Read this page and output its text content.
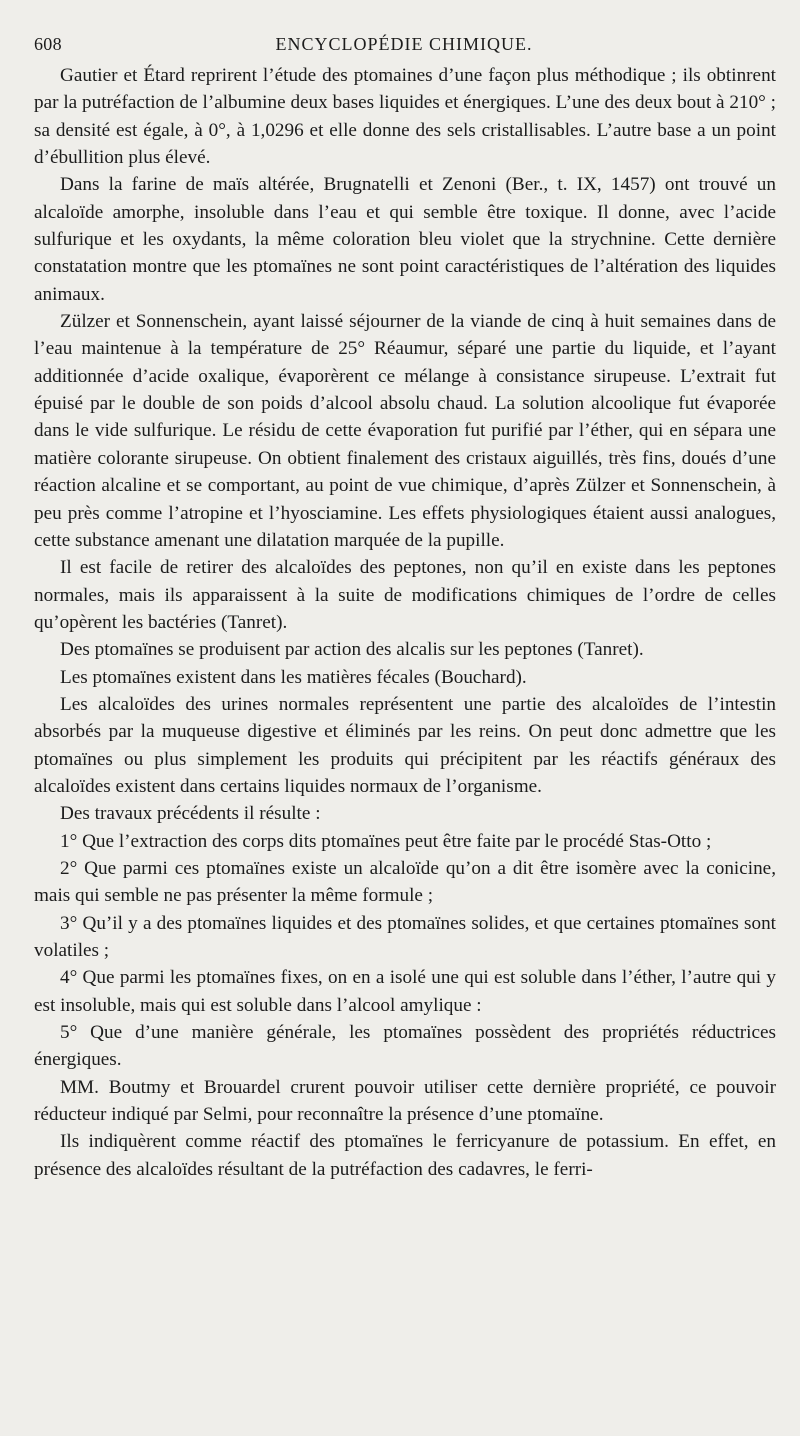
608	ENCYCLOPÉDIE CHIMIQUE.

Gautier et Étard reprirent l’étude des ptomaines d’une façon plus méthodique ; ils obtinrent par la putréfaction de l’albumine deux bases liquides et énergiques. L’une des deux bout à 210° ; sa densité est égale, à 0°, à 1,0296 et elle donne des sels cristallisables. L’autre base a un point d’ébullition plus élevé.

Dans la farine de maïs altérée, Brugnatelli et Zenoni (Ber., t. IX, 1457) ont trouvé un alcaloïde amorphe, insoluble dans l’eau et qui semble être toxique. Il donne, avec l’acide sulfurique et les oxydants, la même coloration bleu violet que la strychnine. Cette dernière constatation montre que les ptomaïnes ne sont point caractéristiques de l’altération des liquides animaux.

Zülzer et Sonnenschein, ayant laissé séjourner de la viande de cinq à huit semaines dans de l’eau maintenue à la température de 25° Réaumur, séparé une partie du liquide, et l’ayant additionnée d’acide oxalique, évaporèrent ce mélange à consistance sirupeuse. L’extrait fut épuisé par le double de son poids d’alcool absolu chaud. La solution alcoolique fut évaporée dans le vide sulfurique. Le résidu de cette évaporation fut purifié par l’éther, qui en sépara une matière colorante sirupeuse. On obtient finalement des cristaux aiguillés, très fins, doués d’une réaction alcaline et se comportant, au point de vue chimique, d’après Zülzer et Sonnenschein, à peu près comme l’atropine et l’hyosciamine. Les effets physiologiques étaient aussi analogues, cette substance amenant une dilatation marquée de la pupille.

Il est facile de retirer des alcaloïdes des peptones, non qu’il en existe dans les peptones normales, mais ils apparaissent à la suite de modifications chimiques de l’ordre de celles qu’opèrent les bactéries (Tanret).

Des ptomaïnes se produisent par action des alcalis sur les peptones (Tanret).

Les ptomaïnes existent dans les matières fécales (Bouchard).

Les alcaloïdes des urines normales représentent une partie des alcaloïdes de l’intestin absorbés par la muqueuse digestive et éliminés par les reins. On peut donc admettre que les ptomaïnes ou plus simplement les produits qui précipitent par les réactifs généraux des alcaloïdes existent dans certains liquides normaux de l’organisme.

Des travaux précédents il résulte :

1° Que l’extraction des corps dits ptomaïnes peut être faite par le procédé Stas-Otto ;

2° Que parmi ces ptomaïnes existe un alcaloïde qu’on a dit être isomère avec la conicine, mais qui semble ne pas présenter la même formule ;

3° Qu’il y a des ptomaïnes liquides et des ptomaïnes solides, et que certaines ptomaïnes sont volatiles ;

4° Que parmi les ptomaïnes fixes, on en a isolé une qui est soluble dans l’éther, l’autre qui y est insoluble, mais qui est soluble dans l’alcool amylique :

5° Que d’une manière générale, les ptomaïnes possèdent des propriétés réductrices énergiques.

MM. Boutmy et Brouardel crurent pouvoir utiliser cette dernière propriété, ce pouvoir réducteur indiqué par Selmi, pour reconnaître la présence d’une ptomaïne.

Ils indiquèrent comme réactif des ptomaïnes le ferricyanure de potassium. En effet, en présence des alcaloïdes résultant de la putréfaction des cadavres, le ferri-
